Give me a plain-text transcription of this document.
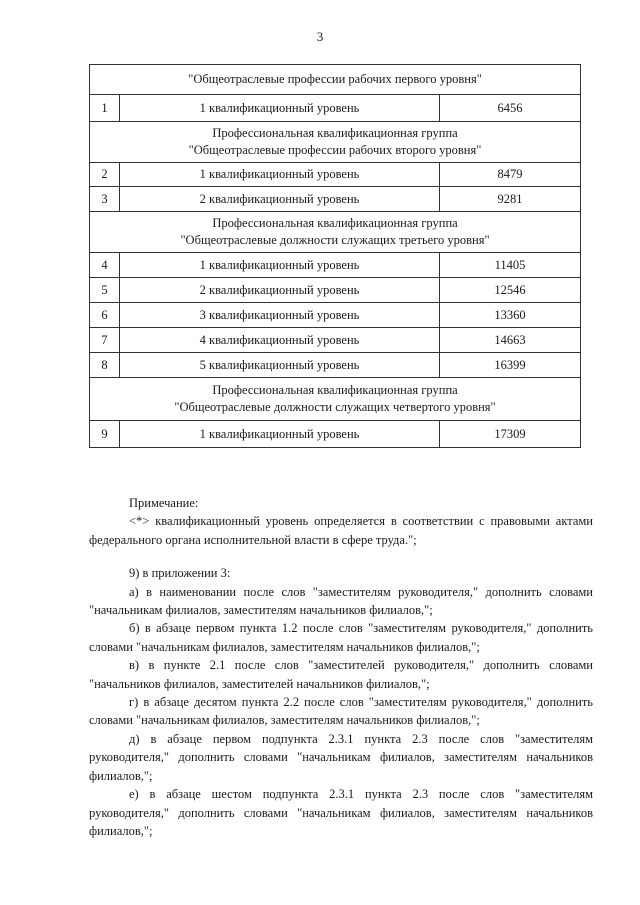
3
"Общеотраслевые профессии рабочих первого уровня"		
1	1 квалификационный уровень	6456

Профессиональная квалификационная группа
"Общеотраслевые профессии рабочих второго уровня"		

2	1 квалификационный уровень	8479
3	2 квалификационный уровень	9281

Профессиональная квалификационная группа
"Общеотраслевые должности служащих третьего уровня"		

4	1 квалификационный уровень	11405
5	2 квалификационный уровень	12546
6	3 квалификационный уровень	13360
7	4 квалификационный уровень	14663
8	5 квалификационный уровень	16399

Профессиональная квалификационная группа
"Общеотраслевые должности служащих четвертого уровня"		

9	1 квалификационный уровень	17309

Примечание:

<*> квалификационный уровень определяется в соответствии с правовыми актами федерального органа исполнительной власти в сфере труда.";

9) в приложении 3:

а) в наименовании после слов "заместителям руководителя," дополнить словами "начальникам филиалов, заместителям начальников филиалов,";

б) в абзаце первом пункта 1.2 после слов "заместителям руководителя," дополнить словами "начальникам филиалов, заместителям начальников филиалов,";

в) в пункте 2.1 после слов "заместителей руководителя," дополнить словами "начальников филиалов, заместителей начальников филиалов,";

г) в абзаце десятом пункта 2.2 после слов "заместителям руководителя," дополнить словами "начальникам филиалов, заместителям начальников филиалов,";

д) в абзаце первом подпункта 2.3.1 пункта 2.3 после слов "заместителям руководителя," дополнить словами "начальникам филиалов, заместителям начальников филиалов,";

е) в абзаце шестом подпункта 2.3.1 пункта 2.3 после слов "заместителям руководителя," дополнить словами "начальникам филиалов, заместителям начальников филиалов,";
